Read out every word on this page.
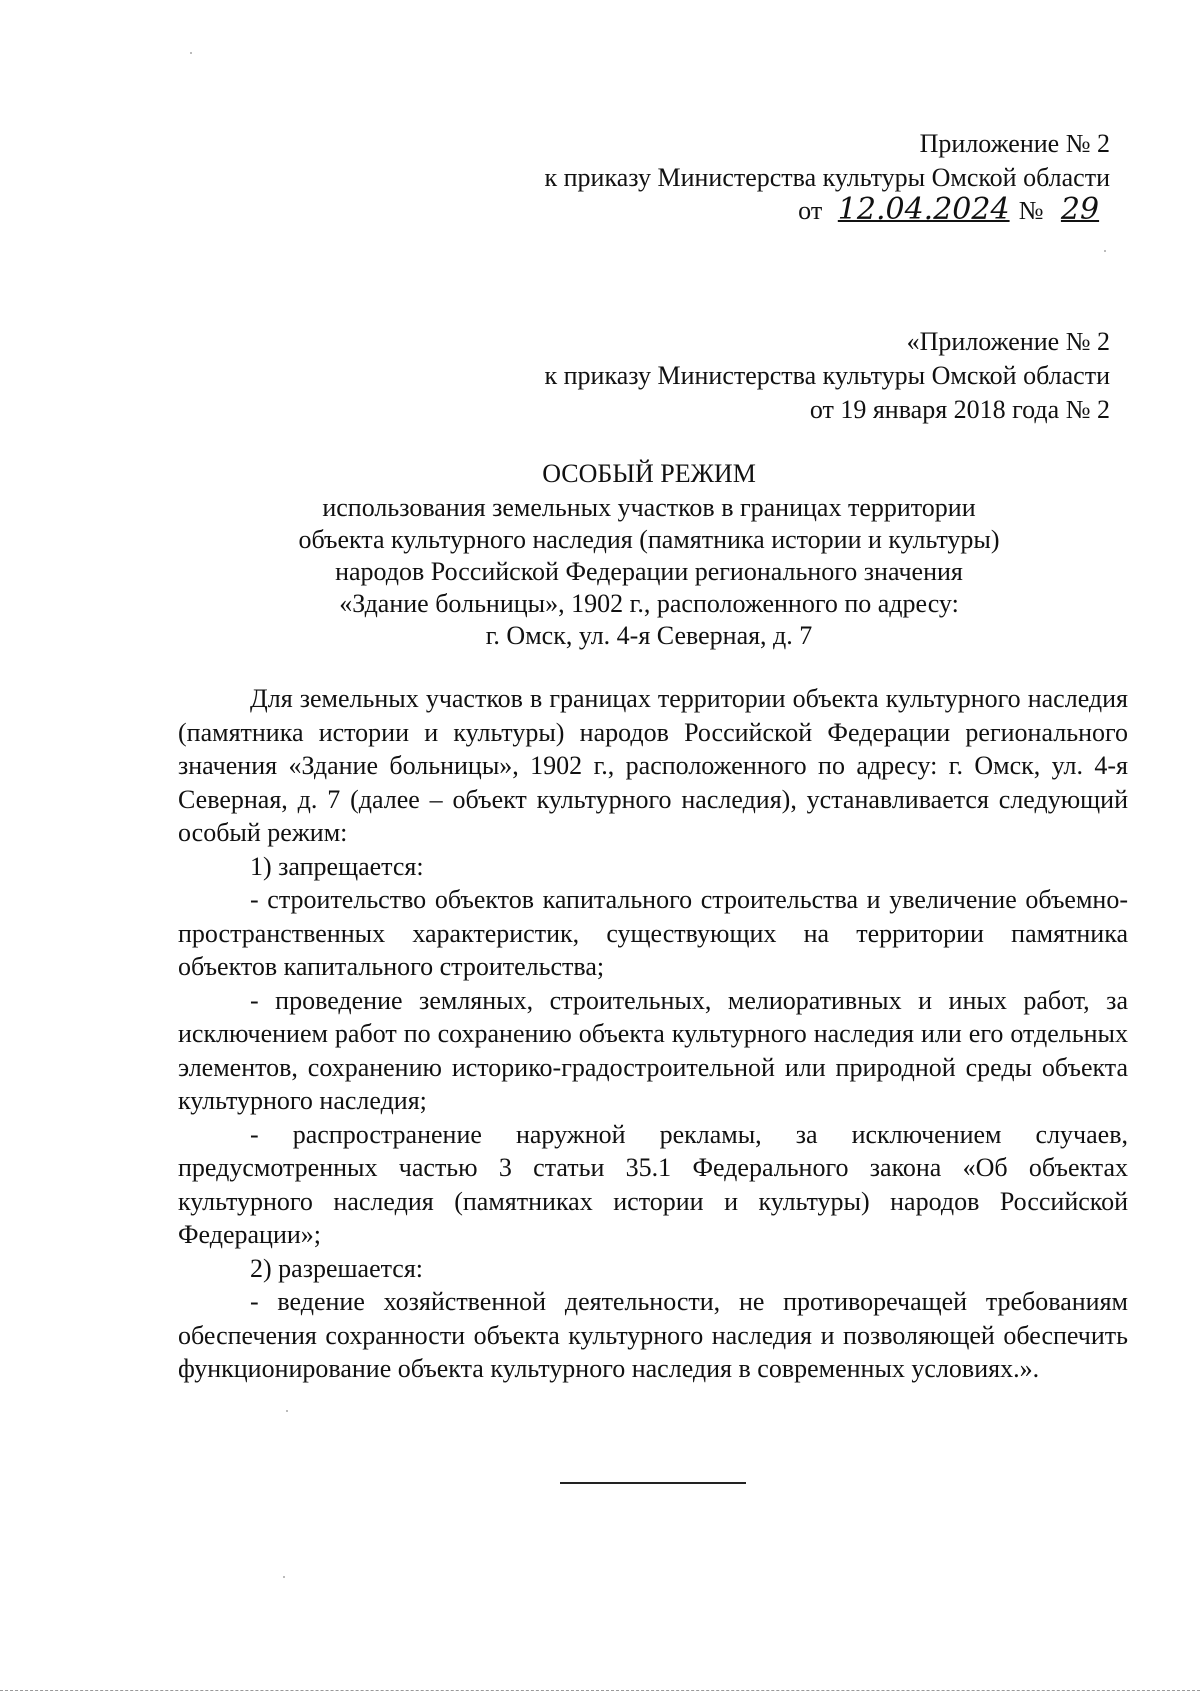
Приложение № 2
к приказу Министерства культуры Омской области
от 12.04.2024 № 29
«Приложение № 2
к приказу Министерства культуры Омской области
от 19 января 2018 года № 2
ОСОБЫЙ РЕЖИМ
использования земельных участков в границах территории
объекта культурного наследия (памятника истории и культуры)
народов Российской Федерации регионального значения
«Здание больницы», 1902 г., расположенного по адресу:
г. Омск, ул. 4-я Северная, д. 7

Для земельных участков в границах территории объекта культурного наследия (памятника истории и культуры) народов Российской Федерации регионального значения «Здание больницы», 1902 г., расположенного по адресу: г. Омск, ул. 4-я Северная, д. 7 (далее – объект культурного наследия), устанавливается следующий особый режим:

1) запрещается:

- строительство объектов капитального строительства и увеличение объемно-пространственных характеристик, существующих на территории памятника объектов капитального строительства;

- проведение земляных, строительных, мелиоративных и иных работ, за исключением работ по сохранению объекта культурного наследия или его отдельных элементов, сохранению историко-градостроительной или природной среды объекта культурного наследия;

- распространение наружной рекламы, за исключением случаев, предусмотренных частью 3 статьи 35.1 Федерального закона «Об объектах культурного наследия (памятниках истории и культуры) народов Российской Федерации»;

2) разрешается:

- ведение хозяйственной деятельности, не противоречащей требованиям обеспечения сохранности объекта культурного наследия и позволяющей обеспечить функционирование объекта культурного наследия в современных условиях.».
